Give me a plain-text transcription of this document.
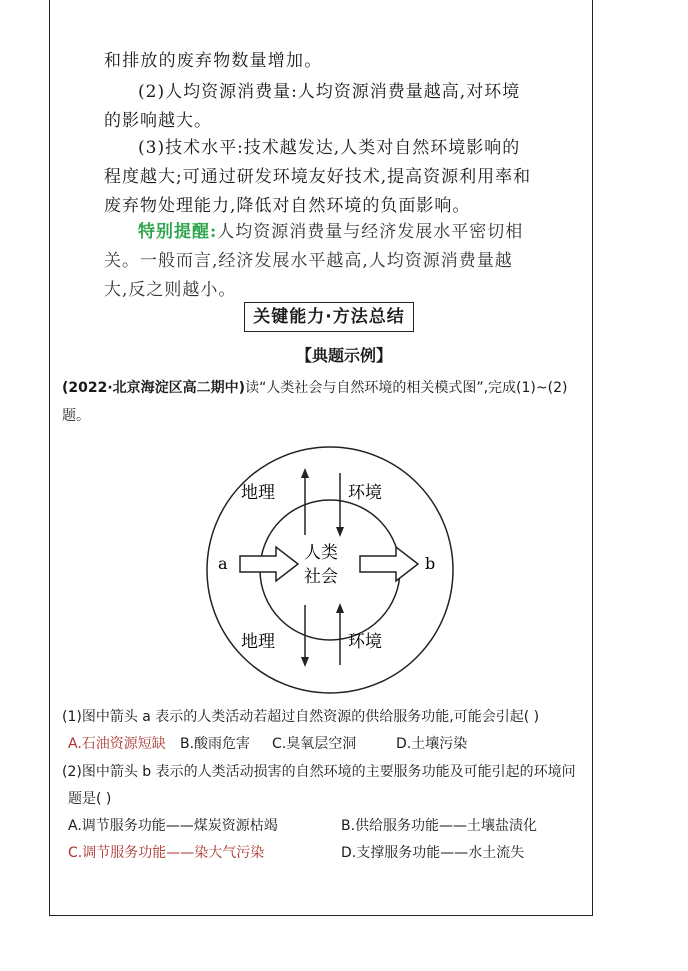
和排放的废弃物数量增加。
(2)人均资源消费量:人均资源消费量越高,对环境的影响越大。
(3)技术水平:技术越发达,人类对自然环境影响的程度越大;可通过研发环境友好技术,提高资源利用率和废弃物处理能力,降低对自然环境的负面影响。
特别提醒:人均资源消费量与经济发展水平密切相关。一般而言,经济发展水平越高,人均资源消费量越大,反之则越小。
关键能力·方法总结
【典题示例】
(2022·北京海淀区高二期中)读“人类社会与自然环境的相关模式图”,完成(1)~(2)题。
地理	环境
地理	环境
人类
社会
a	b
(1)图中箭头 a 表示的人类活动若超过自然资源的供给服务功能,可能会引起( )
A.石油资源短缺 B.酸雨危害 C.臭氧层空洞	D.土壤污染
(2)图中箭头 b 表示的人类活动损害的自然环境的主要服务功能及可能引起的环境问
题是( )
A.调节服务功能——煤炭资源枯竭	B.供给服务功能——土壤盐渍化
C.调节服务功能——染大气污染	D.支撑服务功能——水土流失
